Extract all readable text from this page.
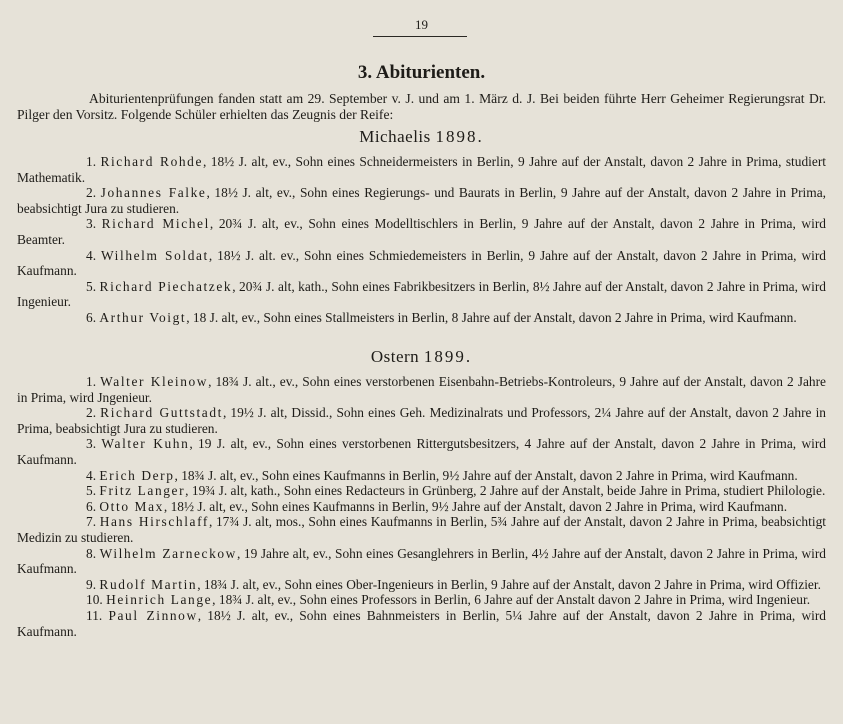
19
3. Abiturienten.
Abiturientenprüfungen fanden statt am 29. September v. J. und am 1. März d. J. Bei beiden führte Herr Geheimer Regierungsrat Dr. Pilger den Vorsitz. Folgende Schüler erhielten das Zeugnis der Reife:
Michaelis 1898.
1. Richard Rohde, 18½ J. alt, ev., Sohn eines Schneidermeisters in Berlin, 9 Jahre auf der Anstalt, davon 2 Jahre in Prima, studiert Mathematik.
2. Johannes Falke, 18½ J. alt, ev., Sohn eines Regierungs- und Baurats in Berlin, 9 Jahre auf der Anstalt, davon 2 Jahre in Prima, beabsichtigt Jura zu studieren.
3. Richard Michel, 20¾ J. alt, ev., Sohn eines Modelltischlers in Berlin, 9 Jahre auf der Anstalt, davon 2 Jahre in Prima, wird Beamter.
4. Wilhelm Soldat, 18½ J. alt. ev., Sohn eines Schmiedemeisters in Berlin, 9 Jahre auf der Anstalt, davon 2 Jahre in Prima, wird Kaufmann.
5. Richard Piechatzek, 20¾ J. alt, kath., Sohn eines Fabrikbesitzers in Berlin, 8½ Jahre auf der Anstalt, davon 2 Jahre in Prima, wird Ingenieur.
6. Arthur Voigt, 18 J. alt, ev., Sohn eines Stallmeisters in Berlin, 8 Jahre auf der Anstalt, davon 2 Jahre in Prima, wird Kaufmann.
Ostern 1899.
1. Walter Kleinow, 18¾ J. alt., ev., Sohn eines verstorbenen Eisenbahn-Betriebs-Kontroleurs, 9 Jahre auf der Anstalt, davon 2 Jahre in Prima, wird Jngenieur.
2. Richard Guttstadt, 19½ J. alt, Dissid., Sohn eines Geh. Medizinalrats und Professors, 2¼ Jahre auf der Anstalt, davon 2 Jahre in Prima, beabsichtigt Jura zu studieren.
3. Walter Kuhn, 19 J. alt, ev., Sohn eines verstorbenen Rittergutsbesitzers, 4 Jahre auf der Anstalt, davon 2 Jahre in Prima, wird Kaufmann.
4. Erich Derp, 18¾ J. alt, ev., Sohn eines Kaufmanns in Berlin, 9½ Jahre auf der Anstalt, davon 2 Jahre in Prima, wird Kaufmann.
5. Fritz Langer, 19¾ J. alt, kath., Sohn eines Redacteurs in Grünberg, 2 Jahre auf der Anstalt, beide Jahre in Prima, studiert Philologie.
6. Otto Max, 18½ J. alt, ev., Sohn eines Kaufmanns in Berlin, 9½ Jahre auf der Anstalt, davon 2 Jahre in Prima, wird Kaufmann.
7. Hans Hirschlaff, 17¾ J. alt, mos., Sohn eines Kaufmanns in Berlin, 5¾ Jahre auf der Anstalt, davon 2 Jahre in Prima, beabsichtigt Medizin zu studieren.
8. Wilhelm Zarneckow, 19 Jahre alt, ev., Sohn eines Gesanglehrers in Berlin, 4½ Jahre auf der Anstalt, davon 2 Jahre in Prima, wird Kaufmann.
9. Rudolf Martin, 18¾ J. alt, ev., Sohn eines Ober-Ingenieurs in Berlin, 9 Jahre auf der Anstalt, davon 2 Jahre in Prima, wird Offizier.
10. Heinrich Lange, 18¾ J. alt, ev., Sohn eines Professors in Berlin, 6 Jahre auf der Anstalt davon 2 Jahre in Prima, wird Ingenieur.
11. Paul Zinnow, 18½ J. alt, ev., Sohn eines Bahnmeisters in Berlin, 5¼ Jahre auf der Anstalt, davon 2 Jahre in Prima, wird Kaufmann.
